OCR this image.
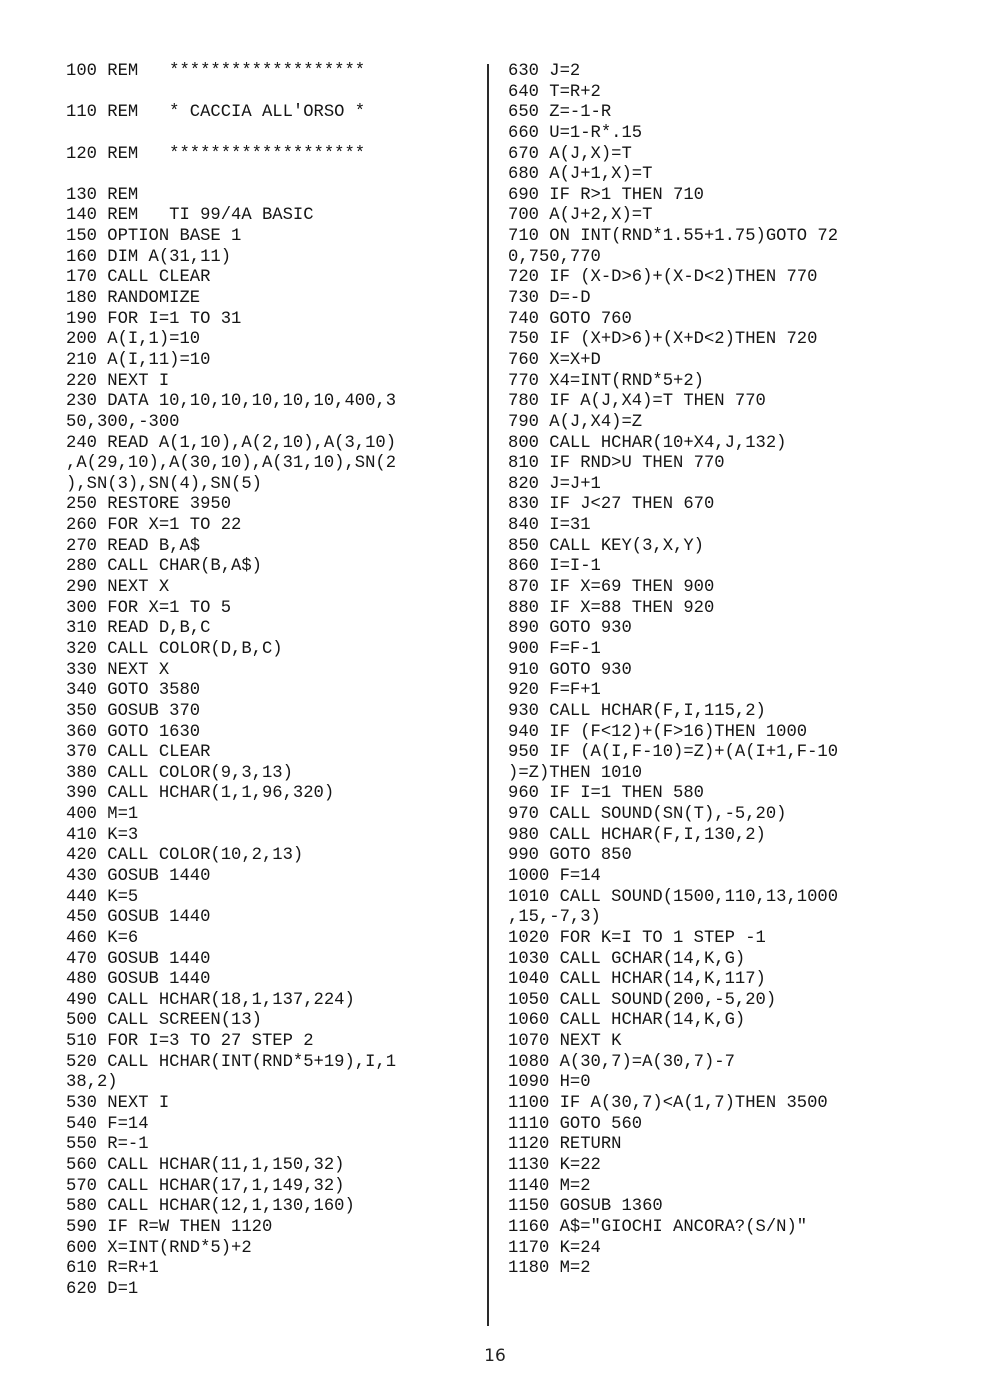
100 REM   *******************
110 REM   * CACCIA ALL'ORSO *
120 REM   *******************
130 REM
140 REM   TI 99/4A BASIC
150 OPTION BASE 1
160 DIM A(31,11)
170 CALL CLEAR
180 RANDOMIZE
190 FOR I=1 TO 31
200 A(I,1)=10
210 A(I,11)=10
220 NEXT I
230 DATA 10,10,10,10,10,10,400,3
50,300,-300
240 READ A(1,10),A(2,10),A(3,10)
,A(29,10),A(30,10),A(31,10),SN(2
),SN(3),SN(4),SN(5)
250 RESTORE 3950
260 FOR X=1 TO 22
270 READ B,A$
280 CALL CHAR(B,A$)
290 NEXT X
300 FOR X=1 TO 5
310 READ D,B,C
320 CALL COLOR(D,B,C)
330 NEXT X
340 GOTO 3580
350 GOSUB 370
360 GOTO 1630
370 CALL CLEAR
380 CALL COLOR(9,3,13)
390 CALL HCHAR(1,1,96,320)
400 M=1
410 K=3
420 CALL COLOR(10,2,13)
430 GOSUB 1440
440 K=5
450 GOSUB 1440
460 K=6
470 GOSUB 1440
480 GOSUB 1440
490 CALL HCHAR(18,1,137,224)
500 CALL SCREEN(13)
510 FOR I=3 TO 27 STEP 2
520 CALL HCHAR(INT(RND*5+19),I,1
38,2)
530 NEXT I
540 F=14
550 R=-1
560 CALL HCHAR(11,1,150,32)
570 CALL HCHAR(17,1,149,32)
580 CALL HCHAR(12,1,130,160)
590 IF R=W THEN 1120
600 X=INT(RND*5)+2
610 R=R+1
620 D=1
630 J=2
640 T=R+2
650 Z=-1-R
660 U=1-R*.15
670 A(J,X)=T
680 A(J+1,X)=T
690 IF R>1 THEN 710
700 A(J+2,X)=T
710 ON INT(RND*1.55+1.75)GOTO 72
0,750,770
720 IF (X-D>6)+(X-D<2)THEN 770
730 D=-D
740 GOTO 760
750 IF (X+D>6)+(X+D<2)THEN 720
760 X=X+D
770 X4=INT(RND*5+2)
780 IF A(J,X4)=T THEN 770
790 A(J,X4)=Z
800 CALL HCHAR(10+X4,J,132)
810 IF RND>U THEN 770
820 J=J+1
830 IF J<27 THEN 670
840 I=31
850 CALL KEY(3,X,Y)
860 I=I-1
870 IF X=69 THEN 900
880 IF X=88 THEN 920
890 GOTO 930
900 F=F-1
910 GOTO 930
920 F=F+1
930 CALL HCHAR(F,I,115,2)
940 IF (F<12)+(F>16)THEN 1000
950 IF (A(I,F-10)=Z)+(A(I+1,F-10
)=Z)THEN 1010
960 IF I=1 THEN 580
970 CALL SOUND(SN(T),-5,20)
980 CALL HCHAR(F,I,130,2)
990 GOTO 850
1000 F=14
1010 CALL SOUND(1500,110,13,1000
,15,-7,3)
1020 FOR K=I TO 1 STEP -1
1030 CALL GCHAR(14,K,G)
1040 CALL HCHAR(14,K,117)
1050 CALL SOUND(200,-5,20)
1060 CALL HCHAR(14,K,G)
1070 NEXT K
1080 A(30,7)=A(30,7)-7
1090 H=0
1100 IF A(30,7)<A(1,7)THEN 3500
1110 GOTO 560
1120 RETURN
1130 K=22
1140 M=2
1150 GOSUB 1360
1160 A$="GIOCHI ANCORA?(S/N)"
1170 K=24
1180 M=2
16
